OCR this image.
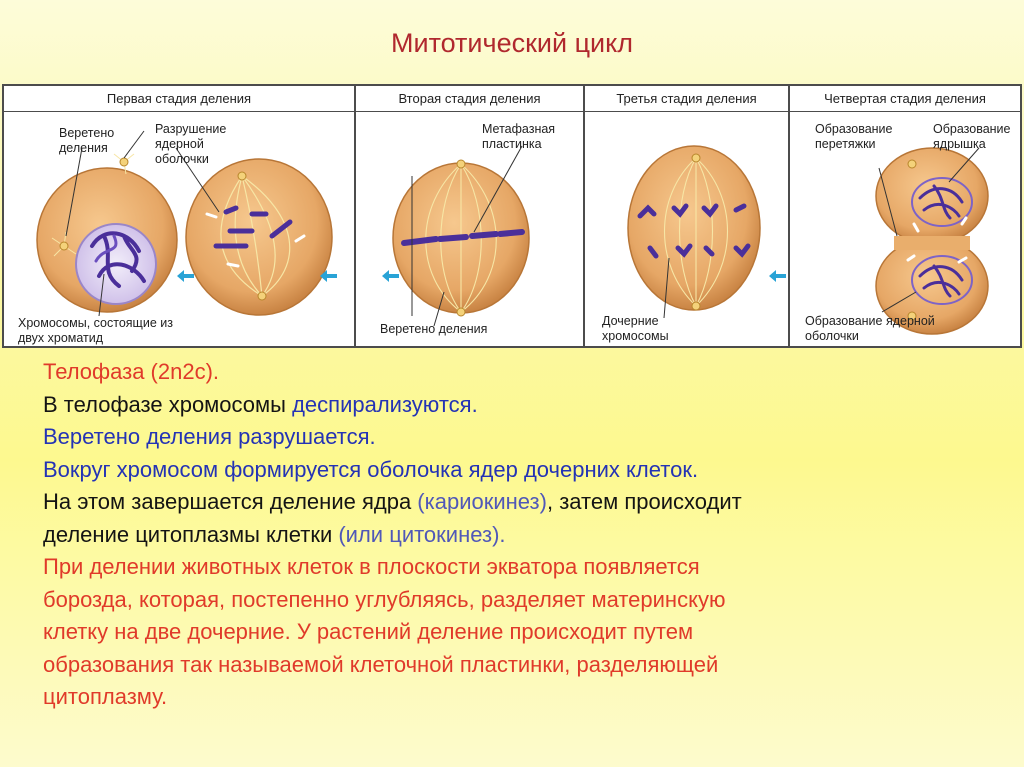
Митотический цикл
Первая стадия деления	Вторая стадия деления	Третья стадия деления	Четвертая стадия деления
Веретено деления
Разрушение ядерной оболочки
Хромосомы, состоящие из двух хроматид
Метафазная пластинка
Веретено деления
Дочерние хромосомы
Образование перетяжки
Образование ядрышка
Образование ядерной оболочки
Телофаза (2n2c).
В телофазе хромосомы деспирализуются.
Веретено деления разрушается.
Вокруг хромосом формируется оболочка ядер дочерних клеток.
На этом завершается деление ядра (кариокинез), затем происходит
деление цитоплазмы клетки (или цитокинез).
При делении животных клеток в плоскости экватора появляется
борозда, которая, постепенно углубляясь, разделяет материнскую
клетку на две дочерние. У растений деление происходит путем
образования так называемой клеточной пластинки, разделяющей
цитоплазму.
